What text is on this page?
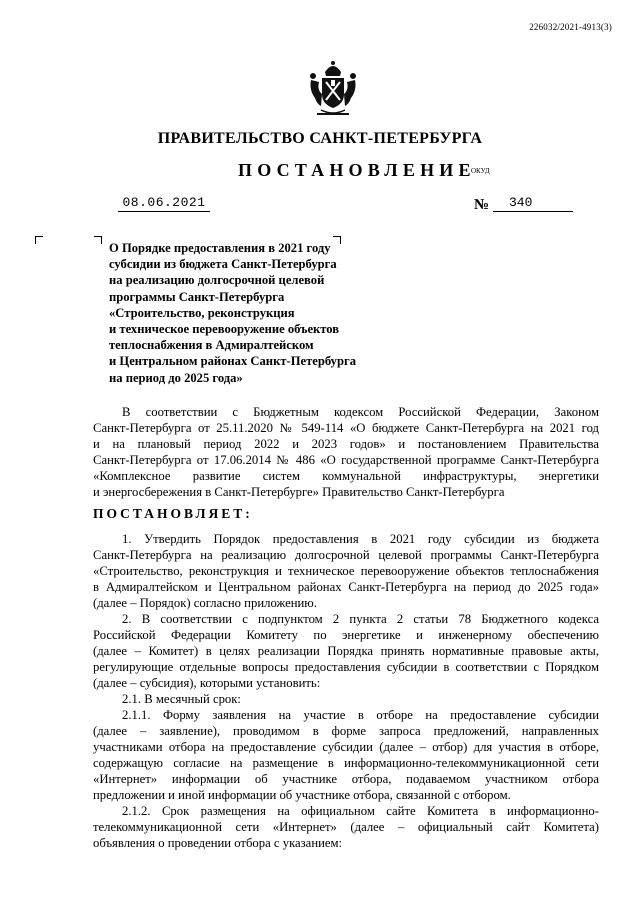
226032/2021-4913(3)
ПРАВИТЕЛЬСТВО САНКТ-ПЕТЕРБУРГА
ПОСТАНОВЛЕНИЕ
ОКУД
08.06.2021	№	340
О Порядке предоставления в 2021 году
субсидии из бюджета Санкт-Петербурга
на реализацию долгосрочной целевой
программы Санкт-Петербурга
«Строительство, реконструкция
и техническое перевооружение объектов
теплоснабжения в Адмиралтейском
и Центральном районах Санкт-Петербурга
на период до 2025 года»
В соответствии с Бюджетным кодексом Российской Федерации, Законом
Санкт-Петербурга от 25.11.2020 № 549-114 «О бюджете Санкт-Петербурга на 2021 год
и на плановый период 2022 и 2023 годов» и постановлением Правительства
Санкт-Петербурга от 17.06.2014 № 486 «О государственной программе Санкт-Петербурга
«Комплексное развитие систем коммунальной инфраструктуры, энергетики
и энергосбережения в Санкт-Петербурге» Правительство Санкт-Петербурга
ПОСТАНОВЛЯЕТ:
1. Утвердить Порядок предоставления в 2021 году субсидии из бюджета
Санкт-Петербурга на реализацию долгосрочной целевой программы Санкт-Петербурга
«Строительство, реконструкция и техническое перевооружение объектов теплоснабжения
в Адмиралтейском и Центральном районах Санкт-Петербурга на период до 2025 года»
(далее – Порядок) согласно приложению.
2. В соответствии с подпунктом 2 пункта 2 статьи 78 Бюджетного кодекса
Российской Федерации Комитету по энергетике и инженерному обеспечению
(далее – Комитет) в целях реализации Порядка принять нормативные правовые акты,
регулирующие отдельные вопросы предоставления субсидии в соответствии с Порядком
(далее – субсидия), которыми установить:
2.1. В месячный срок:
2.1.1. Форму заявления на участие в отборе на предоставление субсидии
(далее – заявление), проводимом в форме запроса предложений, направленных
участниками отбора на предоставление субсидии (далее – отбор) для участия в отборе,
содержащую согласие на размещение в информационно-телекоммуникационной сети
«Интернет» информации об участнике отбора, подаваемом участником отбора
предложении и иной информации об участнике отбора, связанной с отбором.
2.1.2. Срок размещения на официальном сайте Комитета в информационно-
телекоммуникационной сети «Интернет» (далее – официальный сайт Комитета)
объявления о проведении отбора с указанием:
